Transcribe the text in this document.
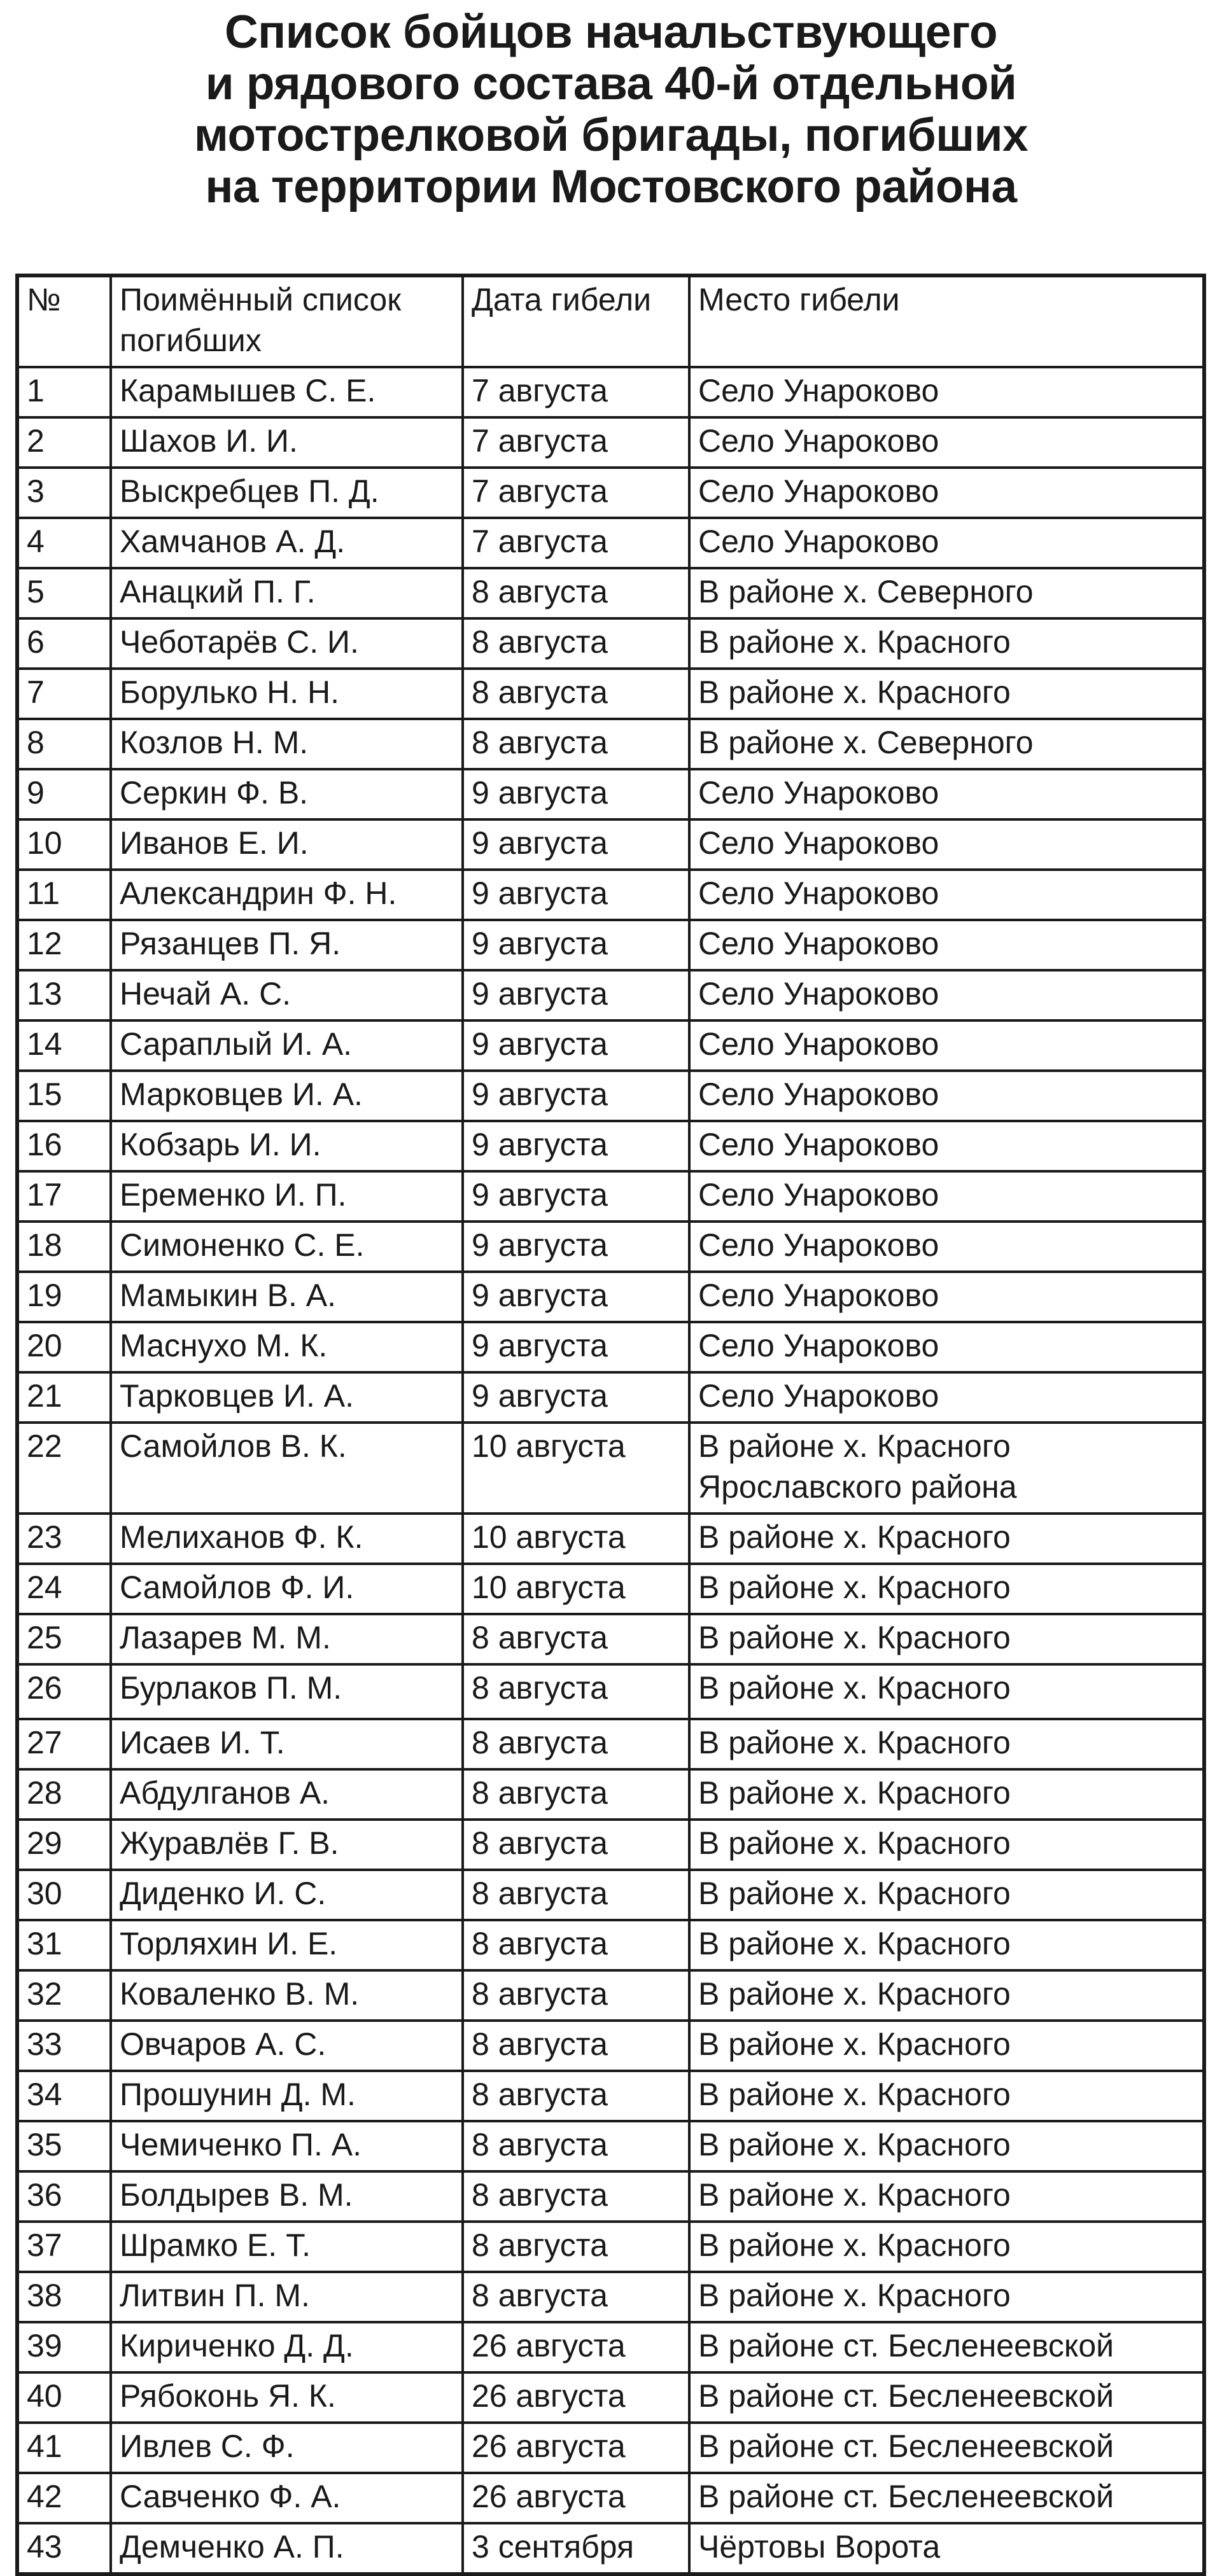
Список бойцов начальствующего
и рядового состава 40-й отдельной
мотострелковой бригады, погибших
на территории Мостовского района
№	Поимённый список погибших	Дата гибели	Место гибели
1	Карамышев С. Е.	7 августа	Село Унароково
2	Шахов И. И.	7 августа	Село Унароково
3	Выскребцев П. Д.	7 августа	Село Унароково
4	Хамчанов А. Д.	7 августа	Село Унароково
5	Анацкий П. Г.	8 августа	В районе х. Северного
6	Чеботарёв С. И.	8 августа	В районе х. Красного
7	Борулько Н. Н.	8 августа	В районе х. Красного
8	Козлов Н. М.	8 августа	В районе х. Северного
9	Серкин Ф. В.	9 августа	Село Унароково
10	Иванов Е. И.	9 августа	Село Унароково
11	Александрин Ф. Н.	9 августа	Село Унароково
12	Рязанцев П. Я.	9 августа	Село Унароково
13	Нечай А. С.	9 августа	Село Унароково
14	Сараплый И. А.	9 августа	Село Унароково
15	Марковцев И. А.	9 августа	Село Унароково
16	Кобзарь И. И.	9 августа	Село Унароково
17	Еременко И. П.	9 августа	Село Унароково
18	Симоненко С. Е.	9 августа	Село Унароково
19	Мамыкин В. А.	9 августа	Село Унароково
20	Маснухо М. К.	9 августа	Село Унароково
21	Тарковцев И. А.	9 августа	Село Унароково
22	Самойлов В. К.	10 августа	В районе х. Красного Ярославского района
23	Мелиханов Ф. К.	10 августа	В районе х. Красного
24	Самойлов Ф. И.	10 августа	В районе х. Красного
25	Лазарев М. М.	8 августа	В районе х. Красного
26	Бурлаков П. М.	8 августа	В районе х. Красного
27	Исаев И. Т.	8 августа	В районе х. Красного
28	Абдулганов А.	8 августа	В районе х. Красного
29	Журавлёв Г. В.	8 августа	В районе х. Красного
30	Диденко И. С.	8 августа	В районе х. Красного
31	Торляхин И. Е.	8 августа	В районе х. Красного
32	Коваленко В. М.	8 августа	В районе х. Красного
33	Овчаров А. С.	8 августа	В районе х. Красного
34	Прошунин Д. М.	8 августа	В районе х. Красного
35	Чемиченко П. А.	8 августа	В районе х. Красного
36	Болдырев В. М.	8 августа	В районе х. Красного
37	Шрамко Е. Т.	8 августа	В районе х. Красного
38	Литвин П. М.	8 августа	В районе х. Красного
39	Кириченко Д. Д.	26 августа	В районе ст. Бесленеевской
40	Рябоконь Я. К.	26 августа	В районе ст. Бесленеевской
41	Ивлев С. Ф.	26 августа	В районе ст. Бесленеевской
42	Савченко Ф. А.	26 августа	В районе ст. Бесленеевской
43	Демченко А. П.	3 сентября	Чёртовы Ворота
